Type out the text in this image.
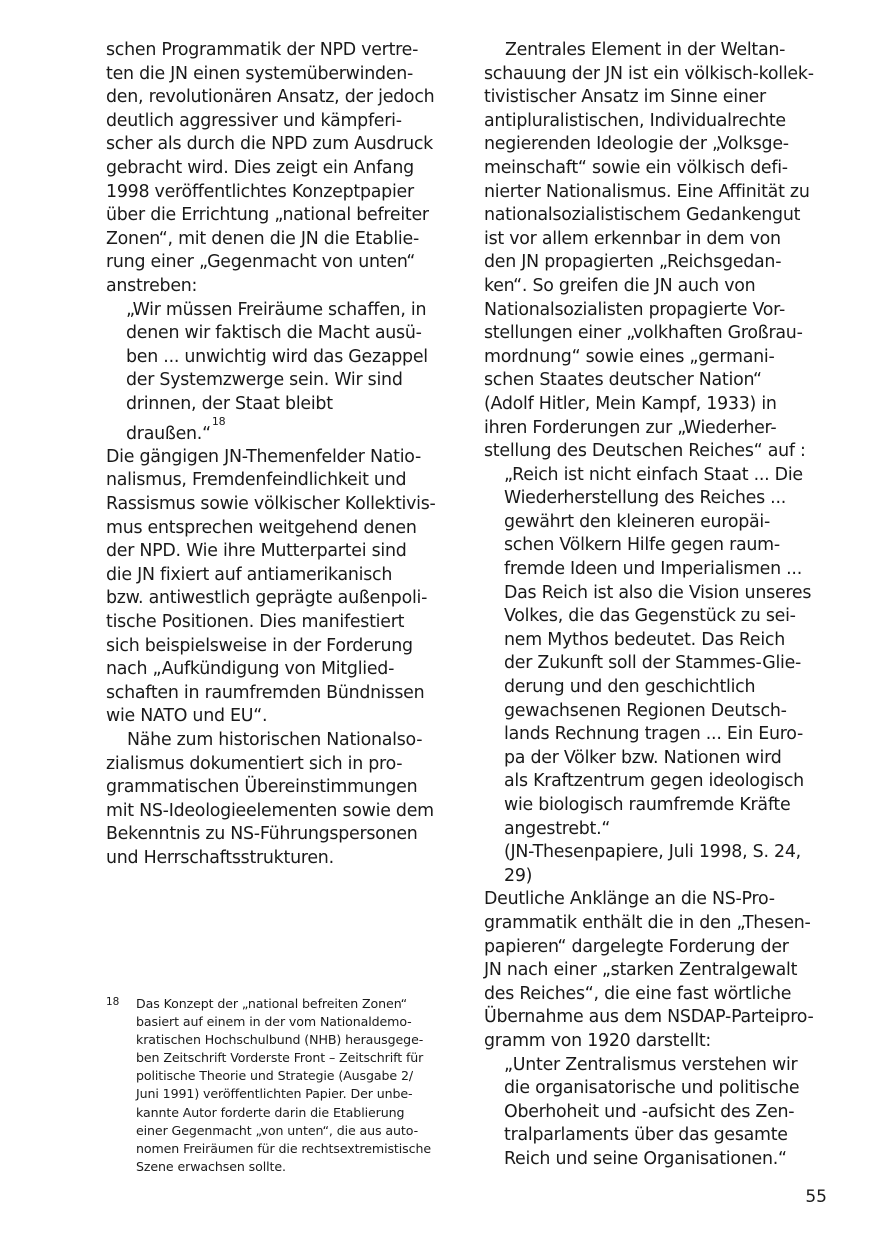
schen Programmatik der NPD vertre-
ten die JN einen systemüberwinden-
den, revolutionären Ansatz, der jedoch
deutlich aggressiver und kämpferi-
scher als durch die NPD zum Ausdruck
gebracht wird. Dies zeigt ein Anfang
1998 veröffentlichtes Konzeptpapier
über die Errichtung „national befreiter
Zonen“, mit denen die JN die Etablie-
rung einer „Gegenmacht von unten“
anstreben:
„Wir müssen Freiräume schaffen, in
denen wir faktisch die Macht ausü-
ben ... unwichtig wird das Gezappel
der Systemzwerge sein. Wir sind
drinnen, der Staat bleibt
draußen.“$^{18}$
Die gängigen JN-Themenfelder Natio-
nalismus, Fremdenfeindlichkeit und
Rassismus sowie völkischer Kollektivis-
mus entsprechen weitgehend denen
der NPD. Wie ihre Mutterpartei sind
die JN fixiert auf antiamerikanisch
bzw. antiwestlich geprägte außenpoli-
tische Positionen. Dies manifestiert
sich beispielsweise in der Forderung
nach „Aufkündigung von Mitglied-
schaften in raumfremden Bündnissen
wie NATO und EU“.
Nähe zum historischen Nationalso-
zialismus dokumentiert sich in pro-
grammatischen Übereinstimmungen
mit NS-Ideologieelementen sowie dem
Bekenntnis zu NS-Führungspersonen
und Herrschaftsstrukturen.
18 Das Konzept der „national befreiten Zonen“
basiert auf einem in der vom Nationaldemo-
kratischen Hochschulbund (NHB) herausgege-
ben Zeitschrift Vorderste Front – Zeitschrift für
politische Theorie und Strategie (Ausgabe 2/
Juni 1991) veröffentlichten Papier. Der unbe-
kannte Autor forderte darin die Etablierung
einer Gegenmacht „von unten“, die aus auto-
nomen Freiräumen für die rechtsextremistische
Szene erwachsen sollte.
Zentrales Element in der Weltan-
schauung der JN ist ein völkisch-kollek-
tivistischer Ansatz im Sinne einer
antipluralistischen, Individualrechte
negierenden Ideologie der „Volksge-
meinschaft“ sowie ein völkisch defi-
nierter Nationalismus. Eine Affinität zu
nationalsozialistischem Gedankengut
ist vor allem erkennbar in dem von
den JN propagierten „Reichsgedan-
ken“. So greifen die JN auch von
Nationalsozialisten propagierte Vor-
stellungen einer „volkhaften Großrau-
mordnung“ sowie eines „germani-
schen Staates deutscher Nation“
(Adolf Hitler, Mein Kampf, 1933) in
ihren Forderungen zur „Wiederher-
stellung des Deutschen Reiches“ auf :
„Reich ist nicht einfach Staat ... Die
Wiederherstellung des Reiches ...
gewährt den kleineren europäi-
schen Völkern Hilfe gegen raum-
fremde Ideen und Imperialismen ...
Das Reich ist also die Vision unseres
Volkes, die das Gegenstück zu sei-
nem Mythos bedeutet. Das Reich
der Zukunft soll der Stammes-Glie-
derung und den geschichtlich
gewachsenen Regionen Deutsch-
lands Rechnung tragen ... Ein Euro-
pa der Völker bzw. Nationen wird
als Kraftzentrum gegen ideologisch
wie biologisch raumfremde Kräfte
angestrebt.“
(JN-Thesenpapiere, Juli 1998, S. 24,
29)
Deutliche Anklänge an die NS-Pro-
grammatik enthält die in den „Thesen-
papieren“ dargelegte Forderung der
JN nach einer „starken Zentralgewalt
des Reiches“, die eine fast wörtliche
Übernahme aus dem NSDAP-Parteipro-
gramm von 1920 darstellt:
„Unter Zentralismus verstehen wir
die organisatorische und politische
Oberhoheit und -aufsicht des Zen-
tralparlaments über das gesamte
Reich und seine Organisationen.“
55
